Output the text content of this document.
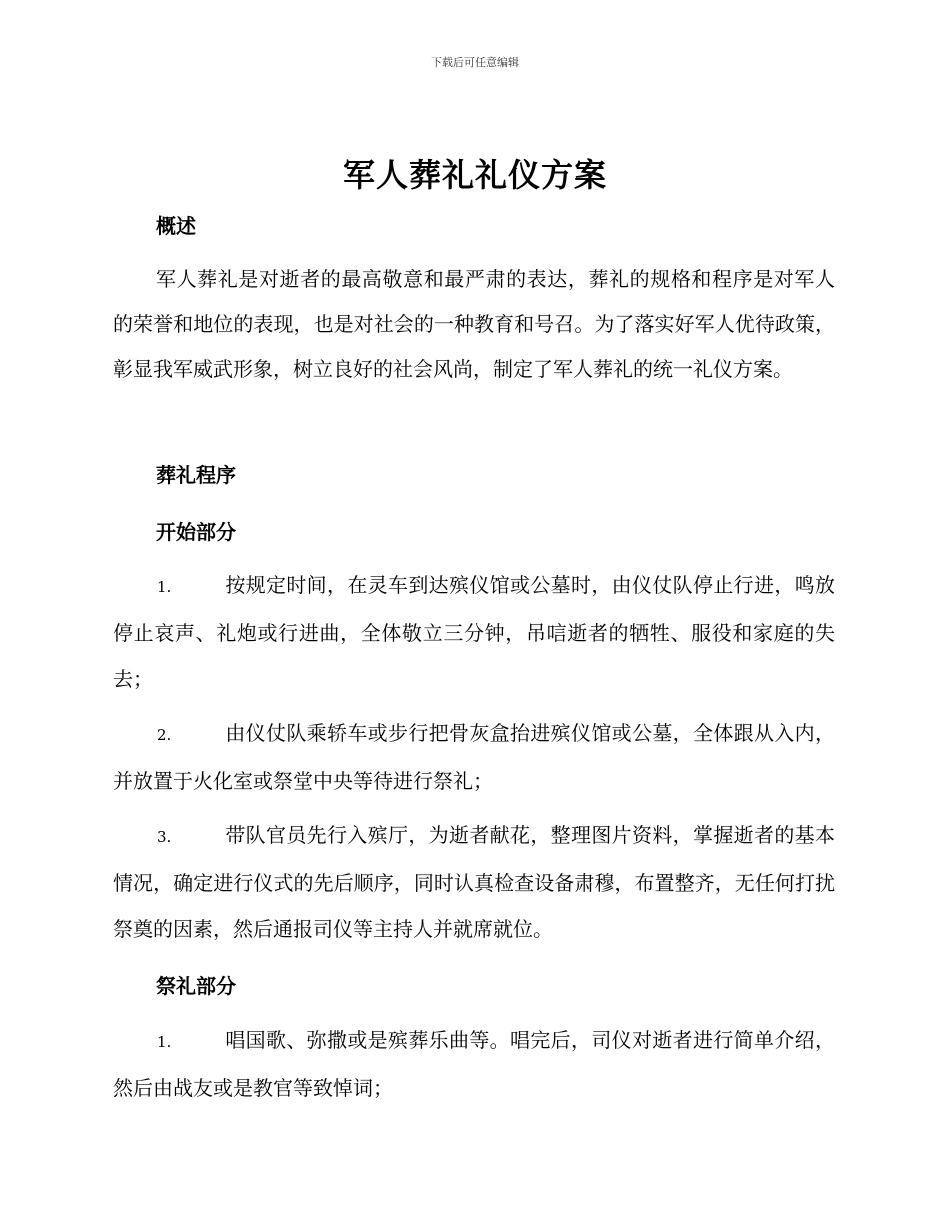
下载后可任意编辑
军人葬礼礼仪方案
概述
军人葬礼是对逝者的最高敬意和最严肃的表达，葬礼的规格和程序是对军人的荣誉和地位的表现，也是对社会的一种教育和号召。为了落实好军人优待政策，彰显我军威武形象，树立良好的社会风尚，制定了军人葬礼的统一礼仪方案。
葬礼程序
开始部分
1.	按规定时间，在灵车到达殡仪馆或公墓时，由仪仗队停止行进，鸣放停止哀声、礼炮或行进曲，全体敬立三分钟，吊唁逝者的牺牲、服役和家庭的失去；
2.	由仪仗队乘轿车或步行把骨灰盒抬进殡仪馆或公墓，全体跟从入内，并放置于火化室或祭堂中央等待进行祭礼；
3.	带队官员先行入殡厅，为逝者献花，整理图片资料，掌握逝者的基本情况，确定进行仪式的先后顺序，同时认真检查设备肃穆，布置整齐，无任何打扰祭奠的因素，然后通报司仪等主持人并就席就位。
祭礼部分
1.	唱国歌、弥撒或是殡葬乐曲等。唱完后，司仪对逝者进行简单介绍，然后由战友或是教官等致悼词；
